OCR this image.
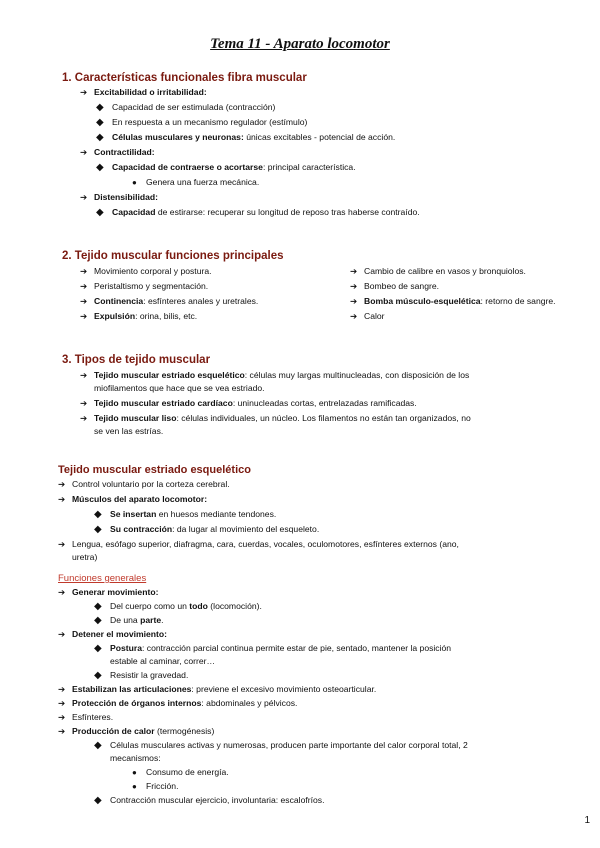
Tema 11 - Aparato locomotor
1. Características funcionales fibra muscular
➔ Excitabilidad o irritabilidad:
◆ Capacidad de ser estimulada (contracción)
◆ En respuesta a un mecanismo regulador (estímulo)
◆ Células musculares y neuronas: únicas excitables - potencial de acción.
➔ Contractilidad:
◆ Capacidad de contraerse o acortarse: principal característica.
● Genera una fuerza mecánica.
➔ Distensibilidad:
◆ Capacidad de estirarse: recuperar su longitud de reposo tras haberse contraído.
2. Tejido muscular funciones principales
➔ Movimiento corporal y postura.
➔ Peristaltismo y segmentación.
➔ Continencia: esfínteres anales y uretrales.
➔ Expulsión: orina, bilis, etc.
➔ Cambio de calibre en vasos y bronquiolos.
➔ Bombeo de sangre.
➔ Bomba músculo-esquelética: retorno de sangre.
➔ Calor
3. Tipos de tejido muscular
➔ Tejido muscular estriado esquelético: células muy largas multinucleadas, con disposición de los
miofilamentos que hace que se vea estriado.
➔ Tejido muscular estriado cardíaco: uninucleadas cortas, entrelazadas ramificadas.
➔ Tejido muscular liso: células individuales, un núcleo. Los filamentos no están tan organizados, no
se ven las estrías.
Tejido muscular estriado esquelético
➔ Control voluntario por la corteza cerebral.
➔ Músculos del aparato locomotor:
◆ Se insertan en huesos mediante tendones.
◆ Su contracción: da lugar al movimiento del esqueleto.
➔ Lengua, esófago superior, diafragma, cara, cuerdas, vocales, oculomotores, esfínteres externos (ano,
uretra)
Funciones generales
➔ Generar movimiento:
◆ Del cuerpo como un todo (locomoción).
◆ De una parte.
➔ Detener el movimiento:
◆ Postura: contracción parcial continua permite estar de pie, sentado, mantener la posición
estable al caminar, correr…
◆ Resistir la gravedad.
➔ Estabilizan las articulaciones: previene el excesivo movimiento osteoarticular.
➔ Protección de órganos internos: abdominales y pélvicos.
➔ Esfínteres.
➔ Producción de calor (termogénesis)
◆ Células musculares activas y numerosas, producen parte importante del calor corporal total, 2
mecanismos:
● Consumo de energía.
● Fricción.
◆ Contracción muscular ejercicio, involuntaria: escalofríos.
1
